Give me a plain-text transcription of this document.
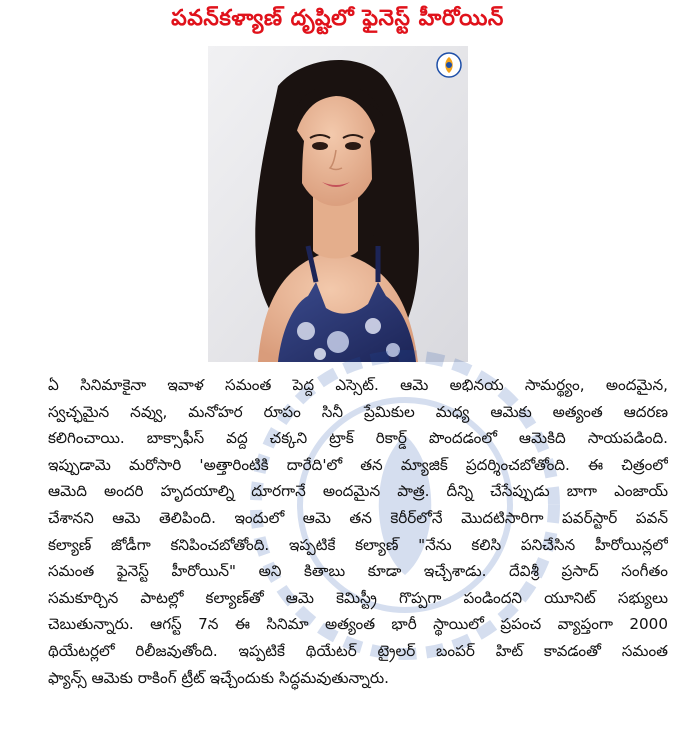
పవన్‌కళ్యాణ్ దృష్టిలో ఫైనెస్ట్ హీరోయిన్
ఏ సినిమాకైనా ఇవాళ సమంత పెద్ద ఎస్సెట్. ఆమె అభినయ సామర్థ్యం, అందమైన,
స్వచ్ఛమైన నవ్వు, మనోహర రూపం సినీ ప్రేమికుల మధ్య ఆమెకు అత్యంత ఆదరణ
కలిగించాయి. బాక్సాఫీస్ వద్ద చక్కని ట్రాక్ రికార్డ్ పొందడంలో ఆమెకిది సాయపడింది.
ఇప్పుడామె మరోసారి 'అత్తారింటికి దారేది'లో తన మ్యాజిక్ ప్రదర్శించబోతోంది. ఈ చిత్రంలో
ఆమెది అందరి హృదయాల్ని దూరగానే అందమైన పాత్ర. దీన్ని చేసేప్పుడు బాగా ఎంజాయ్
చేశానని ఆమె తెలిపింది. ఇందులో ఆమె తన కెరీర్‌లోనే మొదటిసారిగా పవర్‌స్టార్ పవన్
కల్యాణ్ జోడీగా కనిపించబోతోంది. ఇప్పటికే కల్యాణ్ "నేను కలిసి పనిచేసిన హీరోయిన్లలో
సమంత ఫైనెస్ట్ హీరోయిన్" అని కితాబు కూడా ఇచ్చేశాడు. దేవిశ్రీ ప్రసాద్ సంగీతం
సమకూర్చిన పాటల్లో కల్యాణ్‌తో ఆమె కెమిస్ట్రీ గొప్పగా పండిందని యూనిట్ సభ్యులు
చెబుతున్నారు. ఆగస్ట్ 7న ఈ సినిమా అత్యంత భారీ స్థాయిలో ప్రపంచ వ్యాప్తంగా 2000
థియేటర్లలో రిలీజవుతోంది. ఇప్పటికే థియేటర్ ట్రైలర్ బంపర్ హిట్ కావడంతో సమంత
ఫ్యాన్స్ ఆమెకు రాకింగ్ ట్రీట్ ఇచ్చేందుకు సిద్ధమవుతున్నారు.
